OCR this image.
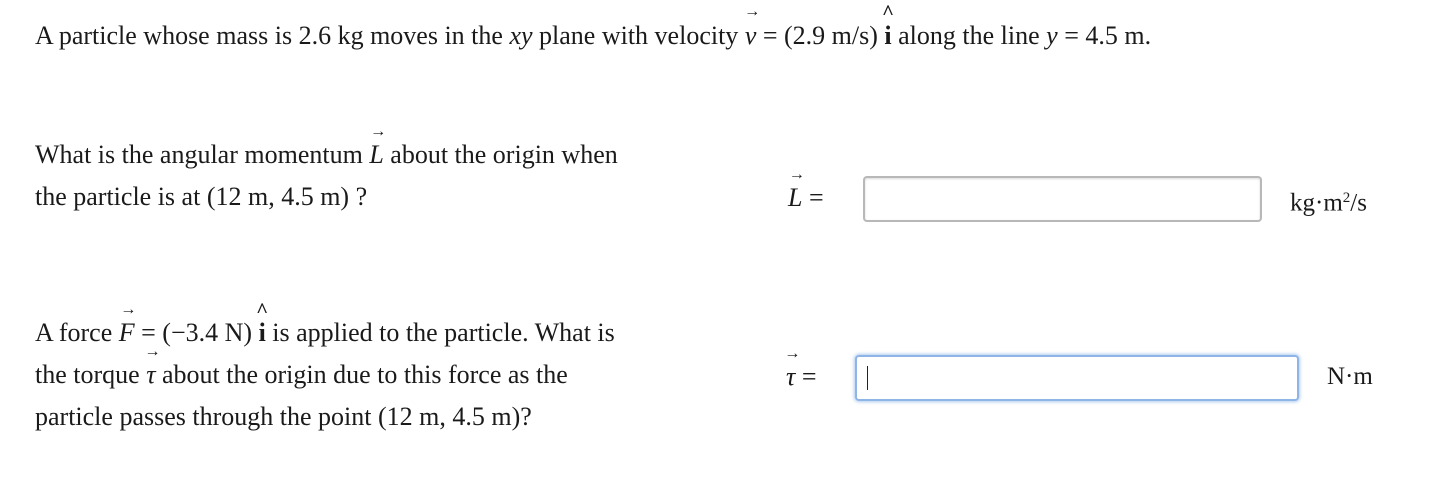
A particle whose mass is 2.6 kg moves in the xy plane with velocity v
→
= (2.9 m/s) i
^
along the line y = 4.5 m.
What is the angular momentum L
→
about the origin when
the particle is at (12 m, 4.5 m) ?	L
→
=	$kg\cdot m^2/s$
A force F
→
= (−3.4 N) i
^
is applied to the particle. What is
the torque τ
→
about the origin due to this force as the
particle passes through the point (12 m, 4.5 m)?
τ
→
=	N·m
